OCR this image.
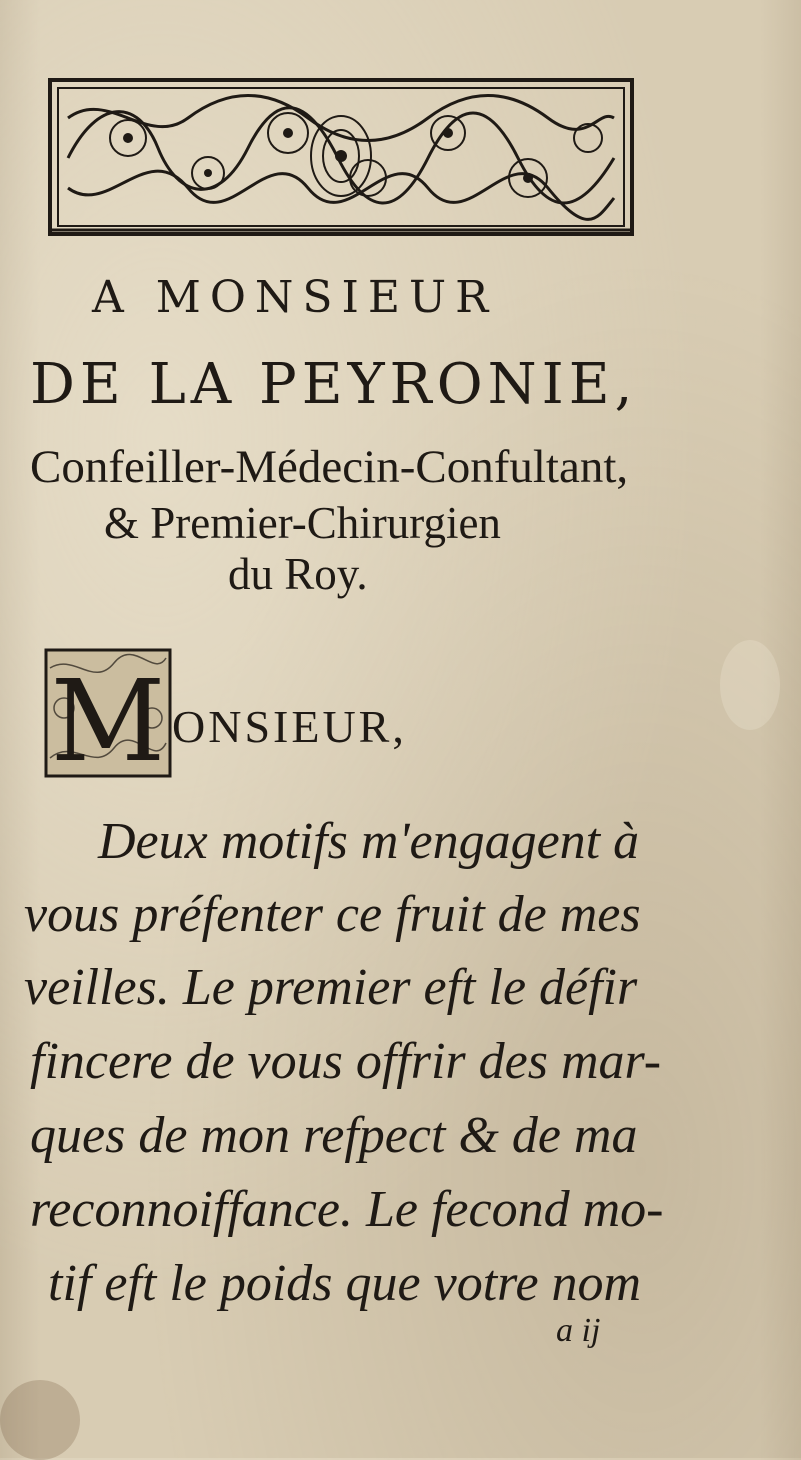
A MONSIEUR
DE LA PEYRONIE,
Confeiller-Médecin-Confultant,
& Premier-Chirurgien
du Roy.
M ONSIEUR,
Deux motifs m'engagent à
vous préfenter ce fruit de mes
veilles. Le premier eft le défir
fincere de vous offrir des mar-
ques de mon refpect & de ma
reconnoiffance. Le fecond mo-
tif eft le poids que votre nom
a ij
